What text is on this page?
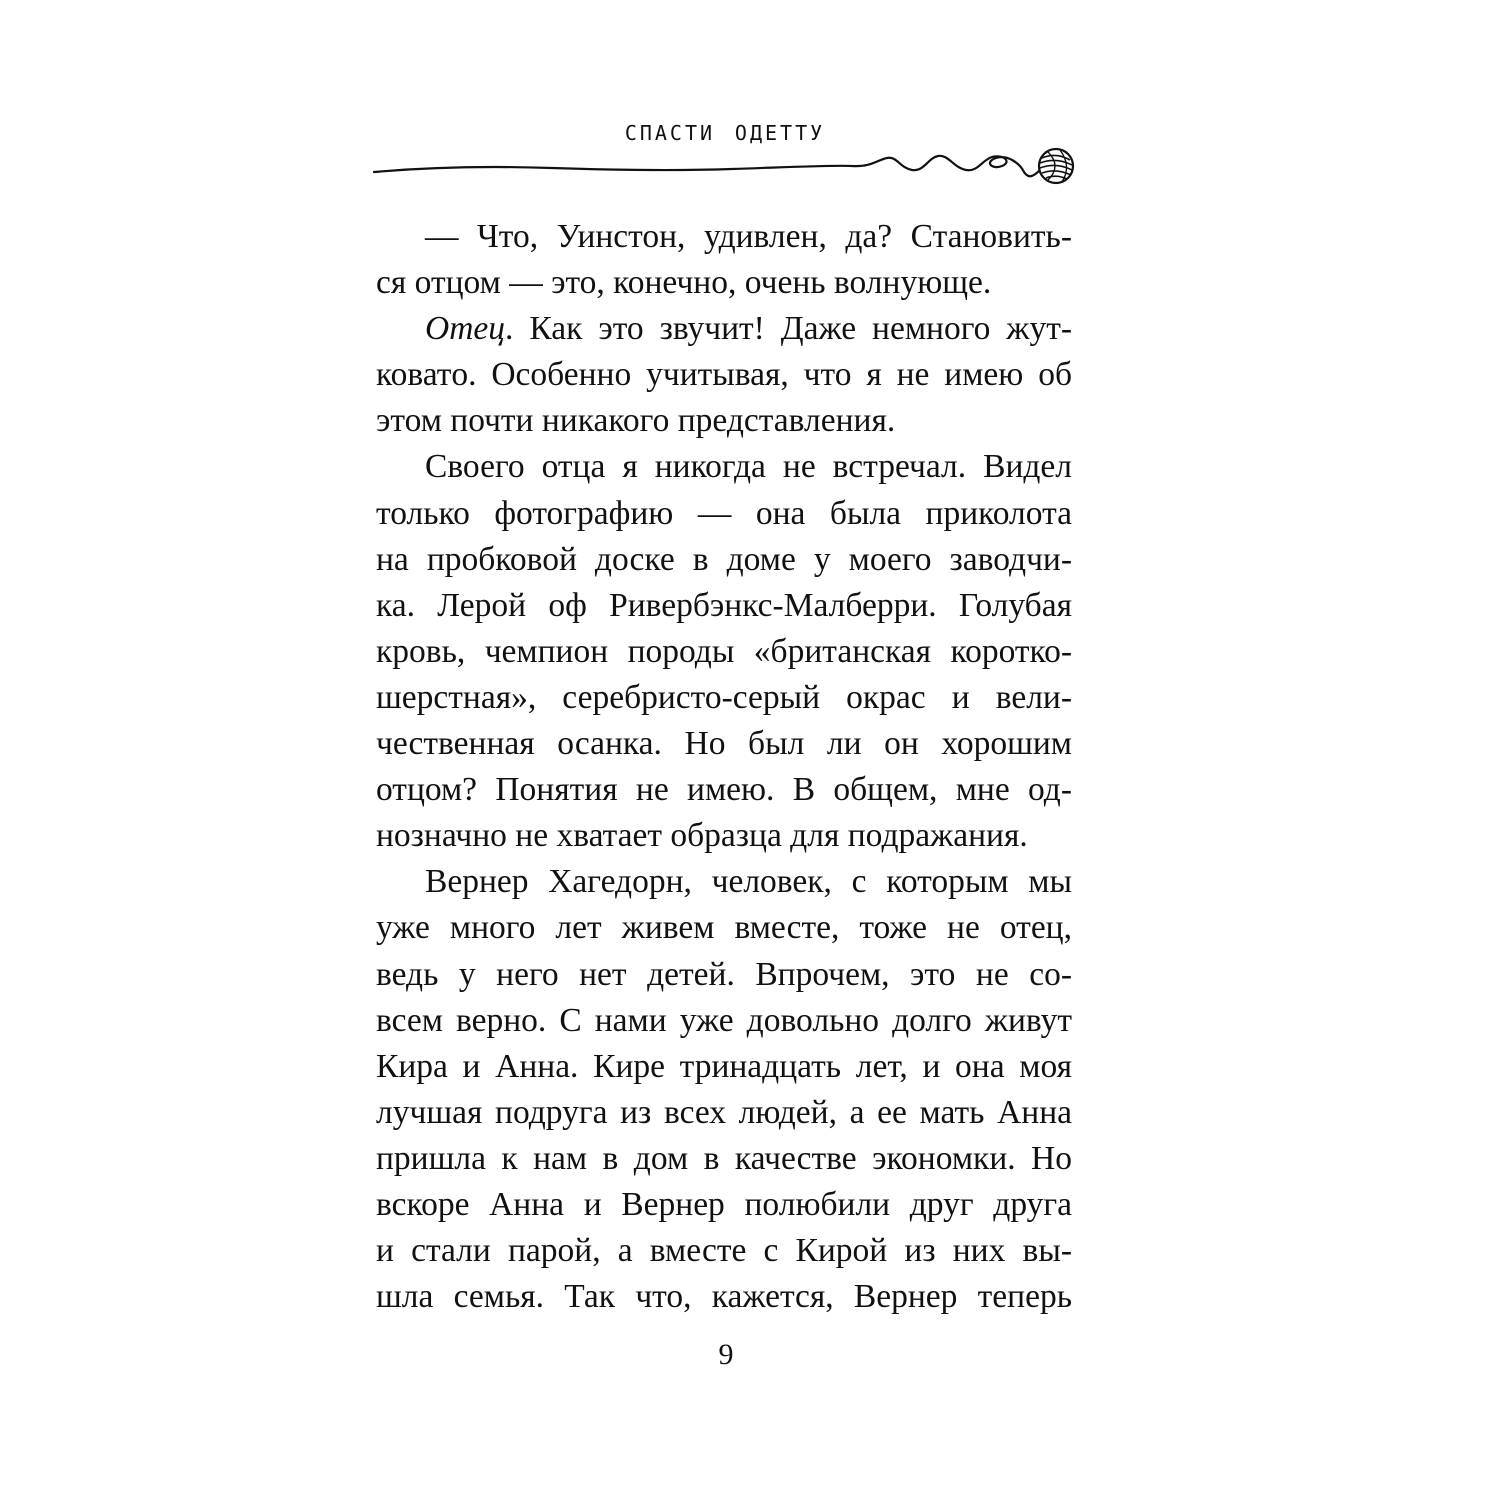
спасти одетту
— Что, Уинстон, удивлен, да? Становить-
ся отцом — это, конечно, очень волнующе.
Отец. Как это звучит! Даже немного жут-
коватo. Особенно учитывая, что я не имею об
этом почти никакого представления.
Своего отца я никогда не встречал. Видел
только фотографию — она была приколота
на пробковой доске в доме у моего заводчи-
ка. Лерой оф Ривербэнкс-Малберри. Голубая
кровь, чемпион породы «британская коротко-
шерстная», серебристо-серый окрас и вели-
чественная осанка. Но был ли он хорошим
отцом? Понятия не имею. В общем, мне од-
нозначно не хватает образца для подражания.
Вернер Хагедорн, человек, с которым мы
уже много лет живем вместе, тоже не отец,
ведь у него нет детей. Впрочем, это не со-
всем верно. С нами уже довольно долго живут
Кира и Анна. Кире тринадцать лет, и она моя
лучшая подруга из всех людей, а ее мать Анна
пришла к нам в дом в качестве экономки. Но
вскоре Анна и Вернер полюбили друг друга
и стали парой, а вместе с Кирой из них вы-
шла семья. Так что, кажется, Вернер теперь
9
